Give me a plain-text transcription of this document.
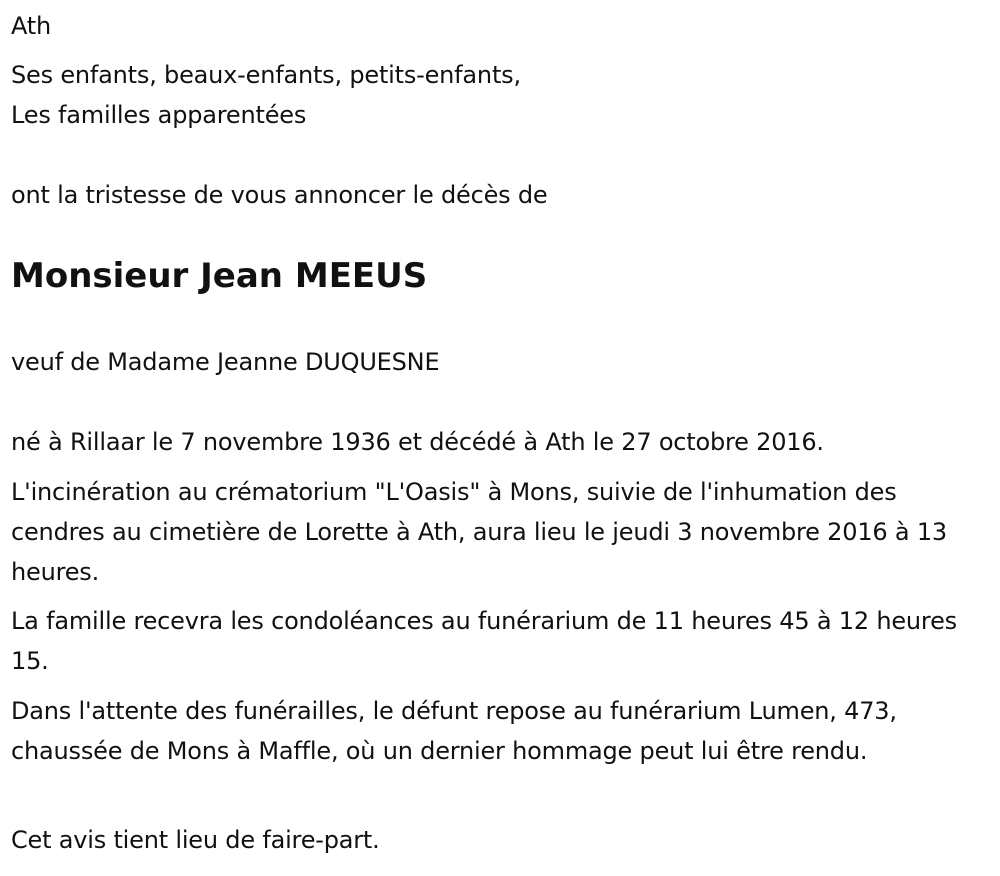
Ath
Ses enfants, beaux-enfants, petits-enfants,
Les familles apparentées
ont la tristesse de vous annoncer le décès de
Monsieur Jean MEEUS
veuf de Madame Jeanne DUQUESNE
né à Rillaar le 7 novembre 1936 et décédé à Ath le 27 octobre 2016.
L'incinération au crématorium "L'Oasis" à Mons, suivie de l'inhumation des cendres au cimetière de Lorette à Ath, aura lieu le jeudi 3 novembre 2016 à 13 heures.
La famille recevra les condoléances au funérarium de 11 heures 45 à 12 heures 15.
Dans l'attente des funérailles, le défunt repose au funérarium Lumen, 473, chaussée de Mons à Maffle, où un dernier hommage peut lui être rendu.
Cet avis tient lieu de faire-part.
